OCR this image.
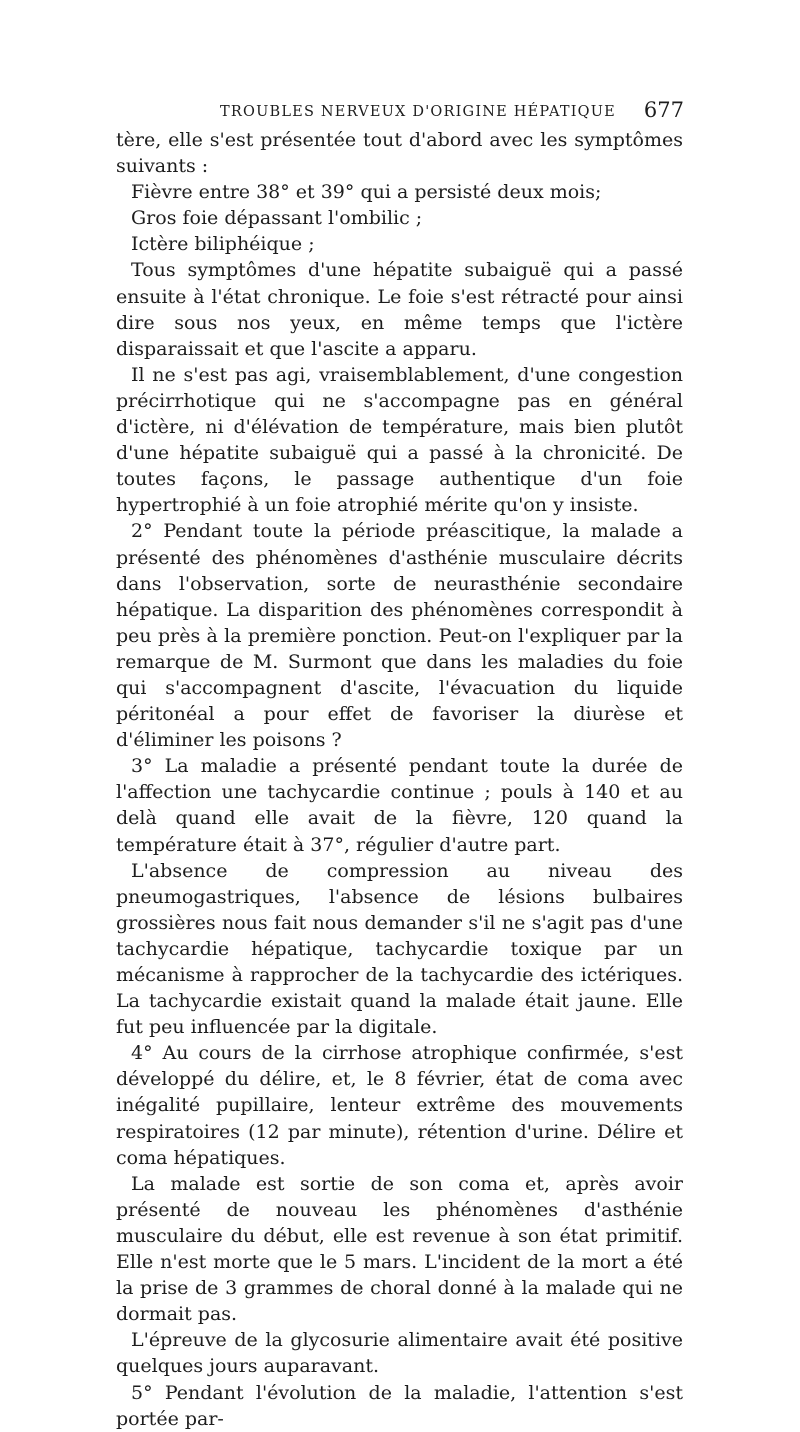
TROUBLES NERVEUX D'ORIGINE HÉPATIQUE 677

tère, elle s'est présentée tout d'abord avec les symptômes suivants :

Fièvre entre 38° et 39° qui a persisté deux mois;

Gros foie dépassant l'ombilic ;

Ictère biliphéique ;

Tous symptômes d'une hépatite subaiguë qui a passé ensuite à l'état chronique. Le foie s'est rétracté pour ainsi dire sous nos yeux, en même temps que l'ictère disparaissait et que l'ascite a apparu.

Il ne s'est pas agi, vraisemblablement, d'une congestion précirrhotique qui ne s'accompagne pas en général d'ictère, ni d'élévation de température, mais bien plutôt d'une hépatite subaiguë qui a passé à la chronicité. De toutes façons, le passage authentique d'un foie hypertrophié à un foie atrophié mérite qu'on y insiste.

2° Pendant toute la période préascitique, la malade a présenté des phénomènes d'asthénie musculaire décrits dans l'observation, sorte de neurasthénie secondaire hépatique. La disparition des phénomènes correspondit à peu près à la première ponction. Peut-on l'expliquer par la remarque de M. Surmont que dans les maladies du foie qui s'accompagnent d'ascite, l'évacuation du liquide péritonéal a pour effet de favoriser la diurèse et d'éliminer les poisons ?

3° La maladie a présenté pendant toute la durée de l'affection une tachycardie continue ; pouls à 140 et au delà quand elle avait de la fièvre, 120 quand la température était à 37°, régulier d'autre part.

L'absence de compression au niveau des pneumogastriques, l'absence de lésions bulbaires grossières nous fait nous demander s'il ne s'agit pas d'une tachycardie hépatique, tachycardie toxique par un mécanisme à rapprocher de la tachycardie des ictériques. La tachycardie existait quand la malade était jaune. Elle fut peu influencée par la digitale.

4° Au cours de la cirrhose atrophique confirmée, s'est développé du délire, et, le 8 février, état de coma avec inégalité pupillaire, lenteur extrême des mouvements respiratoires (12 par minute), rétention d'urine. Délire et coma hépatiques.

La malade est sortie de son coma et, après avoir présenté de nouveau les phénomènes d'asthénie musculaire du début, elle est revenue à son état primitif. Elle n'est morte que le 5 mars. L'incident de la mort a été la prise de 3 grammes de choral donné à la malade qui ne dormait pas.

L'épreuve de la glycosurie alimentaire avait été positive quelques jours auparavant.

5° Pendant l'évolution de la maladie, l'attention s'est portée par-
